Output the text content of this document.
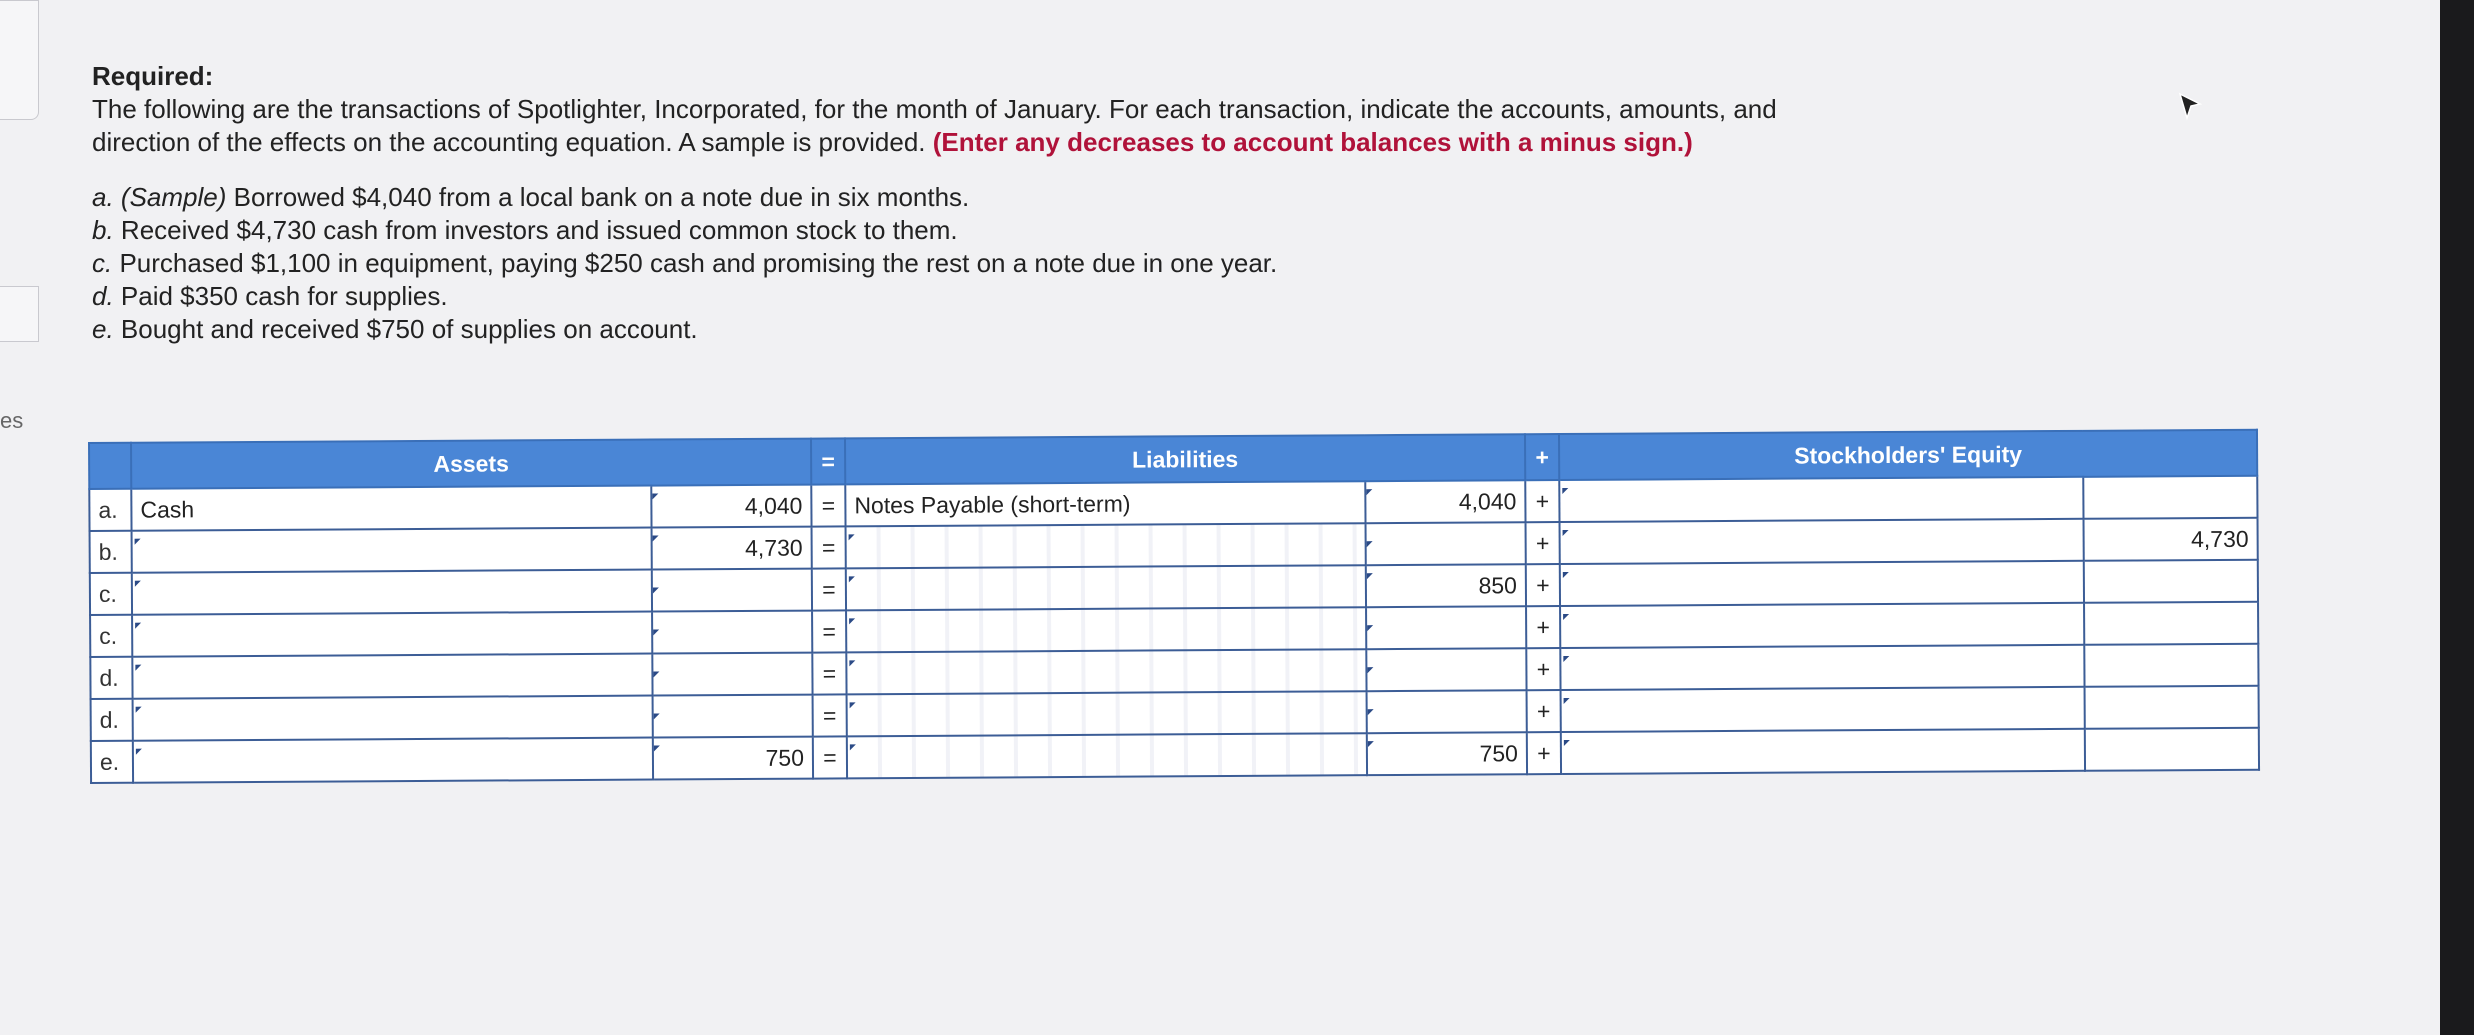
es
Required:
The following are the transactions of Spotlighter, Incorporated, for the month of January. For each transaction, indicate the accounts, amounts, and direction of the effects on the accounting equation. A sample is provided. (Enter any decreases to account balances with a minus sign.)
a. (Sample) Borrowed $4,040 from a local bank on a note due in six months.
b. Received $4,730 cash from investors and issued common stock to them.
c. Purchased $1,100 in equipment, paying $250 cash and promising the rest on a note due in one year.
d. Paid $350 cash for supplies.
e. Bought and received $750 of supplies on account.
	Assets		=	Liabilities		+	Stockholders' Equity	
a.	Cash	4,040	=	Notes Payable (short-term)	4,040	+		
b.		4,730	=			+		4,730
c.			=		850	+		
c.			=			+		
d.			=			+		
d.			=			+		
e.		750	=		750	+		
